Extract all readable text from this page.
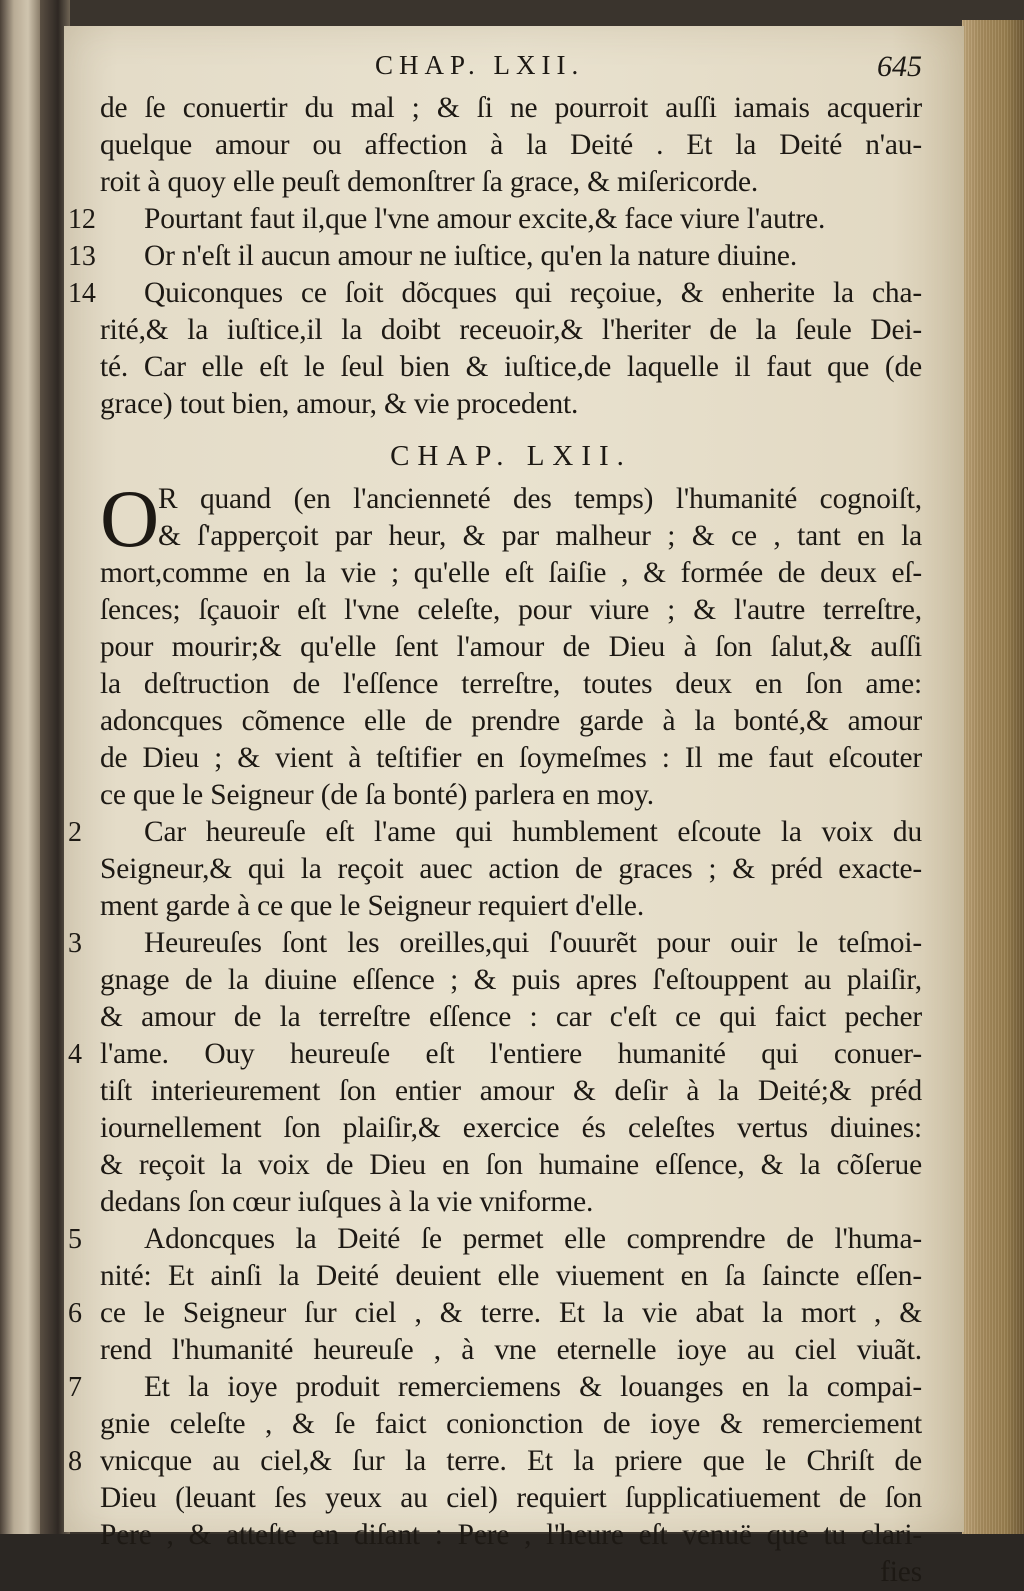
CHAP. LXII.	645
de ſe conuertir du mal ; & ſi ne pourroit auſſi iamais acquerir
quelque amour ou affection à la Deité . Et la Deité n'au-
roit à quoy elle peuſt demonſtrer ſa grace, & miſericorde.
12	Pourtant faut il,que l'vne amour excite,& face viure l'autre.
13	Or n'eſt il aucun amour ne iuſtice, qu'en la nature diuine.
14	Quiconques ce ſoit dõcques qui reçoiue, & enherite la cha-
rité,& la iuſtice,il la doibt receuoir,& l'heriter de la ſeule Dei-
té. Car elle eſt le ſeul bien & iuſtice,de laquelle il faut que (de
grace) tout bien, amour, & vie procedent.
CHAP. LXII.
O
R quand (en l'ancienneté des temps) l'humanité cognoiſt,
& ſ'apperçoit par heur, & par malheur ; & ce , tant en la
mort,comme en la vie ; qu'elle eſt ſaiſie , & formée de deux eſ-
ſences; ſçauoir eſt l'vne celeſte, pour viure ; & l'autre terreſtre,
pour mourir;& qu'elle ſent l'amour de Dieu à ſon ſalut,& auſſi
la deſtruction de l'eſſence terreſtre, toutes deux en ſon ame:
adoncques cõmence elle de prendre garde à la bonté,& amour
de Dieu ; & vient à teſtifier en ſoymeſmes : Il me faut eſcouter
ce que le Seigneur (de ſa bonté) parlera en moy.
2	Car heureuſe eſt l'ame qui humblement eſcoute la voix du
Seigneur,& qui la reçoit auec action de graces ; & préd exacte-
ment garde à ce que le Seigneur requiert d'elle.
3	Heureuſes ſont les oreilles,qui ſ'ouurẽt pour ouir le teſmoi-
gnage de la diuine eſſence ; & puis apres ſ'eſtouppent au plaiſir,
& amour de la terreſtre eſſence : car c'eſt ce qui faict pecher
4 l'ame. Ouy heureuſe eſt l'entiere humanité qui conuer-
tiſt interieurement ſon entier amour & deſir à la Deité;& préd
iournellement ſon plaiſir,& exercice és celeſtes vertus diuines:
& reçoit la voix de Dieu en ſon humaine eſſence, & la cõſerue
dedans ſon cœur iuſques à la vie vniforme.
5	Adoncques la Deité ſe permet elle comprendre de l'huma-
nité: Et ainſi la Deité deuient elle viuement en ſa ſaincte eſſen-
6 ce le Seigneur ſur ciel , & terre. Et la vie abat la mort , &
rend l'humanité heureuſe , à vne eternelle ioye au ciel viuãt.
7	Et la ioye produit remerciemens & louanges en la compai-
gnie celeſte , & ſe faict conionction de ioye & remerciement
8 vnicque au ciel,& ſur la terre. Et la priere que le Chriſt de
Dieu (leuant ſes yeux au ciel) requiert ſupplicatiuement de ſon
Pere , & atteſte en diſant : Pere , l'heure eſt venuë que tu clari-
fies
